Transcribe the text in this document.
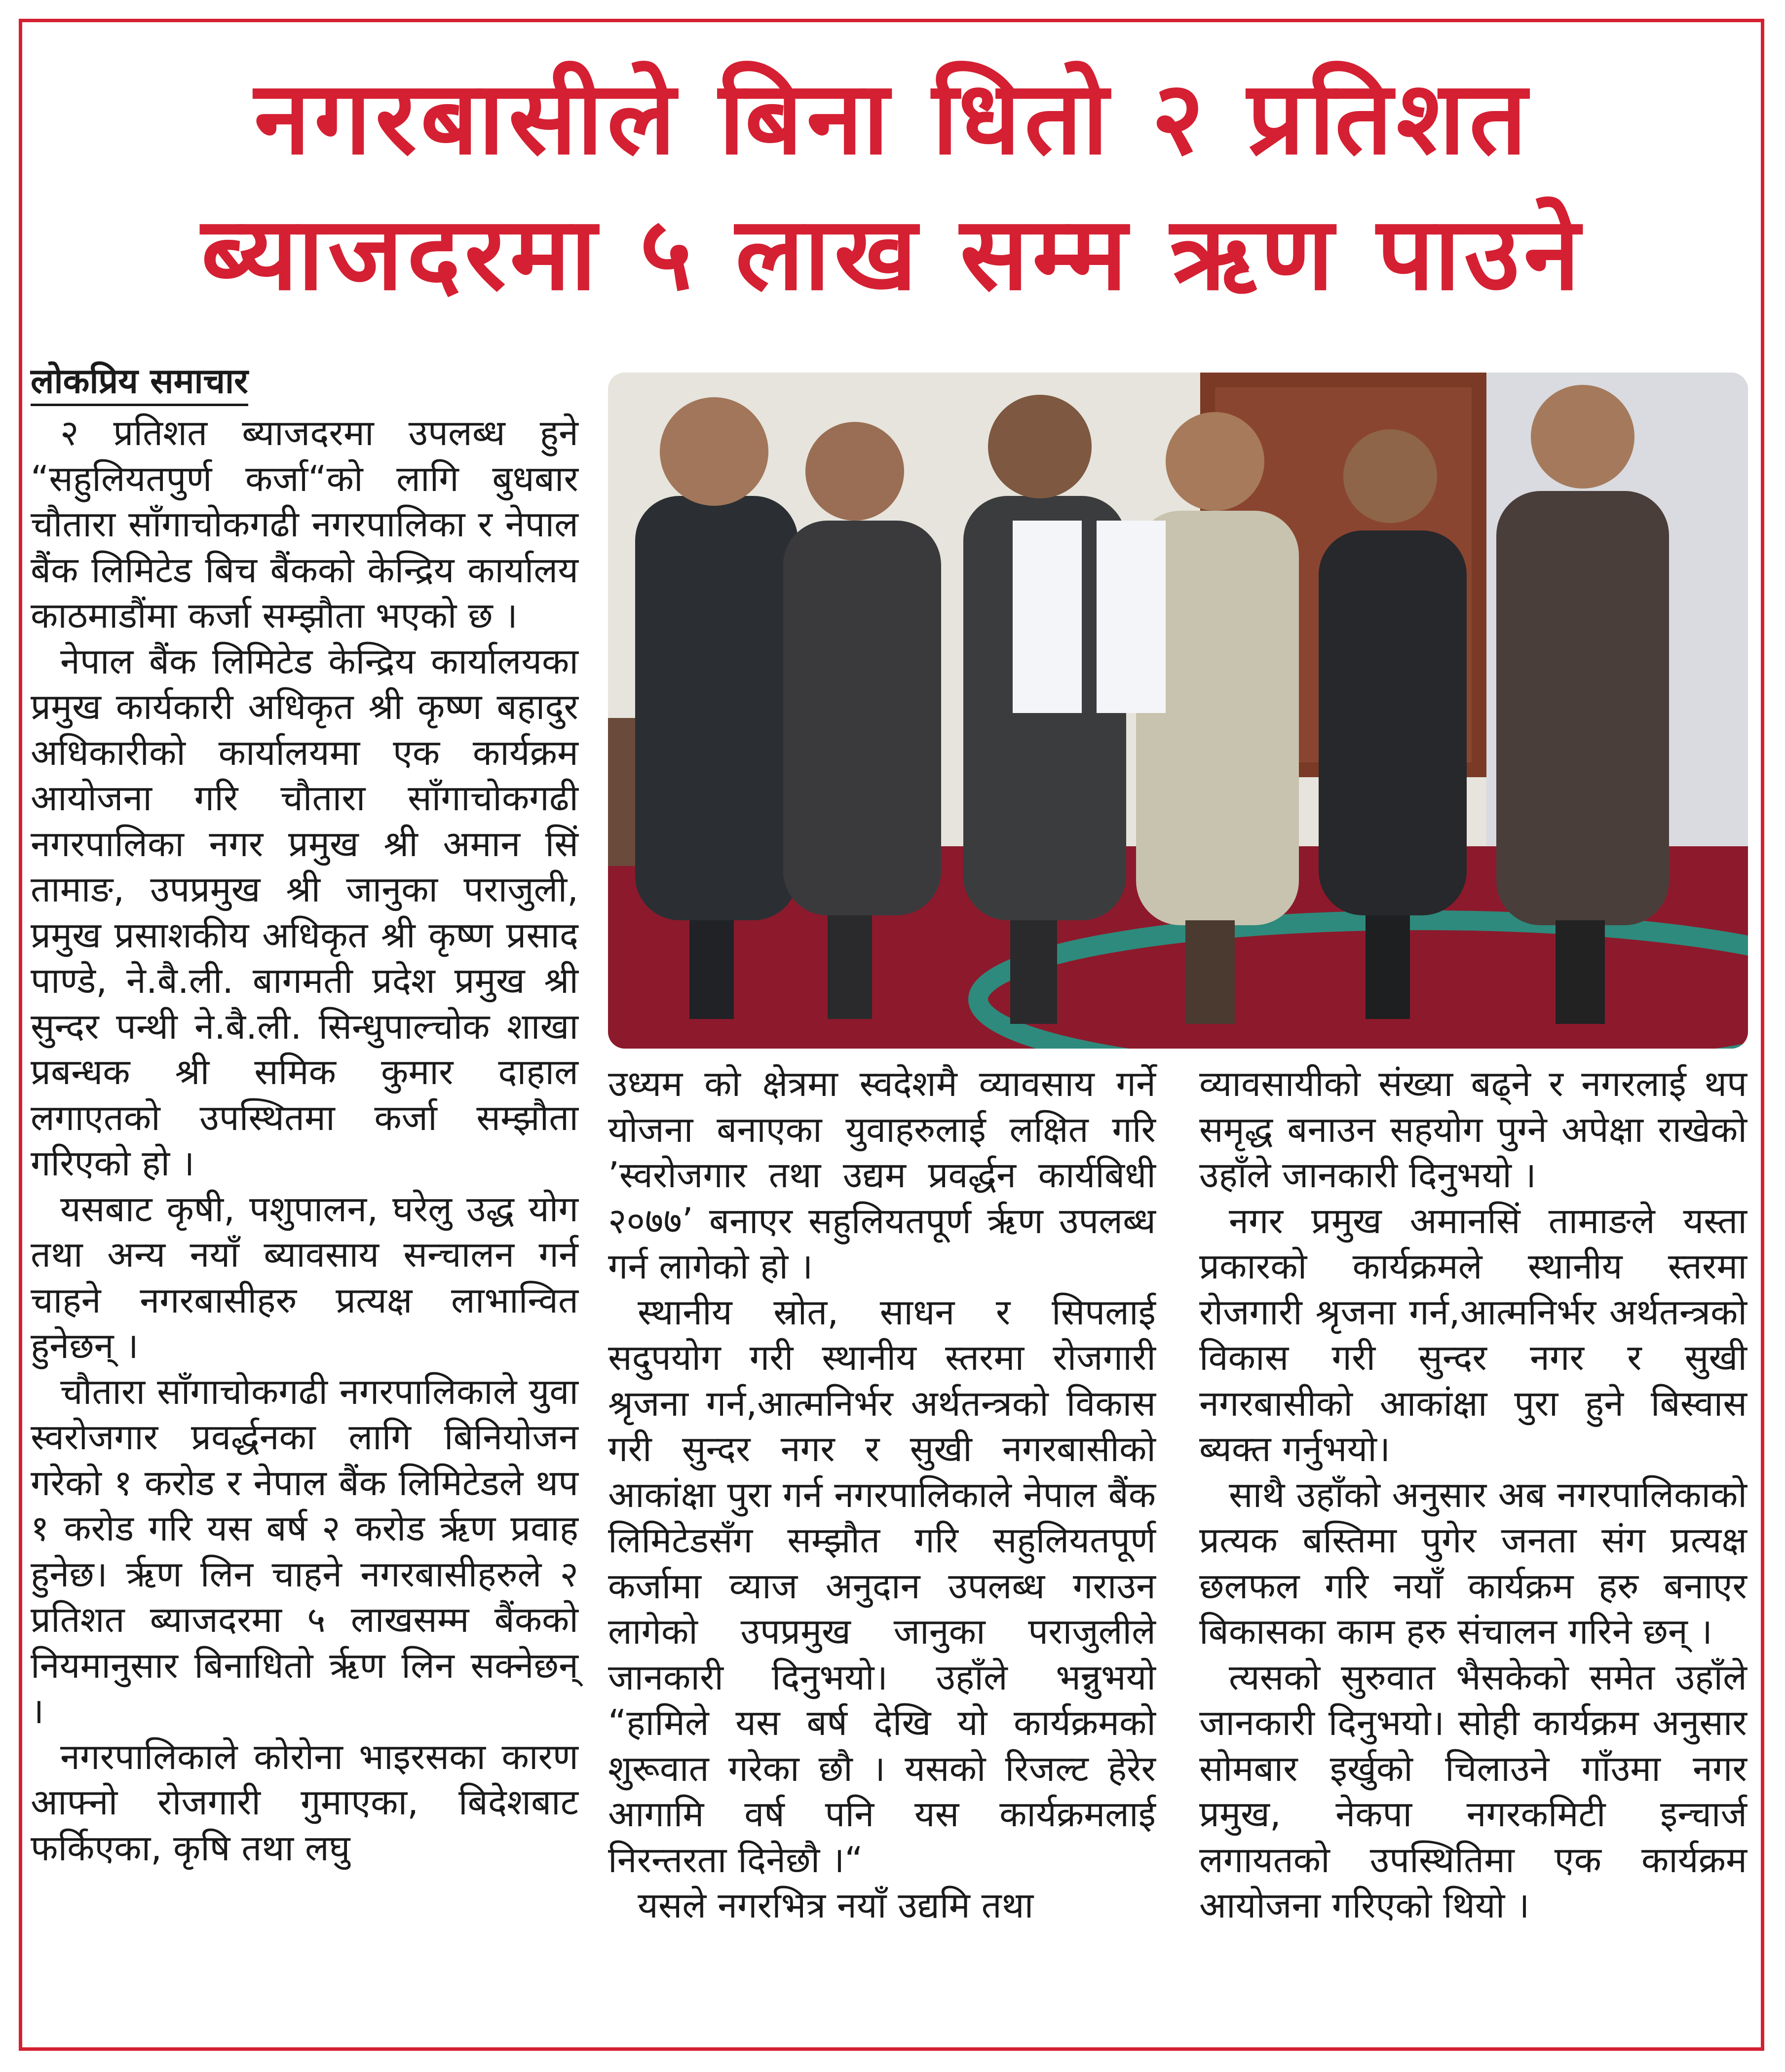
नगरबासीले बिना धितो २ प्रतिशत
ब्याजदरमा ५ लाख सम्म ऋण पाउने
लोकप्रिय समाचार

२ प्रतिशत ब्याजदरमा उपलब्ध हुने “सहुलियतपुर्ण कर्जा“को लागि बुधबार चौतारा साँगाचोकगढी नगरपालिका र नेपाल बैंक लिमिटेड बिच बैंकको केन्द्रिय कार्यालय काठमाडौंमा कर्जा सम्झौता भएको छ ।

नेपाल बैंक लिमिटेड केन्द्रिय कार्यालयका प्रमुख कार्यकारी अधिकृत श्री कृष्ण बहादुर अधिकारीको कार्यालयमा एक कार्यक्रम आयोजना गरि चौतारा साँगाचोकगढी नगरपालिका नगर प्रमुख श्री अमान सिं तामाङ, उपप्रमुख श्री जानुका पराजुली, प्रमुख प्रसाशकीय अधिकृत श्री कृष्ण प्रसाद पाण्डे, ने.बै.ली. बागमती प्रदेश प्रमुख श्री सुन्दर पन्थी ने.बै.ली. सिन्धुपाल्चोक शाखा प्रबन्धक श्री समिक कुमार दाहाल लगाएतको उपस्थितमा कर्जा सम्झौता गरिएको हो ।

यसबाट कृषी, पशुपालन, घरेलु उद्ध योग तथा अन्य नयाँ ब्यावसाय सन्चालन गर्न चाहने नगरबासीहरु प्रत्यक्ष लाभान्वित हुनेछन् ।

चौतारा साँगाचोकगढी नगरपालिकाले युवा स्वरोजगार प्रवर्द्धनका लागि बिनियोजन गरेको १ करोड र नेपाल बैंक लिमिटेडले थप १ करोड गरि यस बर्ष २ करोड ऋृण प्रवाह हुनेछ। ऋृण लिन चाहने नगरबासीहरुले २ प्रतिशत ब्याजदरमा ५ लाखसम्म बैंकको नियमानुसार बिनाधितो ऋृण लिन सक्नेछन् ।

नगरपालिकाले कोरोना भाइरसका कारण आफ्नो रोजगारी गुमाएका, बिदेशबाट फर्किएका, कृषि तथा लघु

उध्यम को क्षेत्रमा स्वदेशमै व्यावसाय गर्ने योजना बनाएका युवाहरुलाई लक्षित गरि ’स्वरोजगार तथा उद्यम प्रवर्द्धन कार्यबिधी २०७७’ बनाएर सहुलियतपूर्ण ऋृण उपलब्ध गर्न लागेको हो ।

स्थानीय स्रोत, साधन र सिपलाई सदुपयोग गरी स्थानीय स्तरमा रोजगारी श्रृजना गर्न,आत्मनिर्भर अर्थतन्त्रको विकास गरी सुन्दर नगर र सुखी नगरबासीको आकांक्षा पुरा गर्न नगरपालिकाले नेपाल बैंक लिमिटेडसँग सम्झौत गरि सहुलियतपूर्ण कर्जामा व्याज अनुदान उपलब्ध गराउन लागेको उपप्रमुख जानुका पराजुलीले जानकारी दिनुभयो। उहाँले भन्नुभयो “हामिले यस बर्ष देखि यो कार्यक्रमको शुरूवात गरेका छौ । यसको रिजल्ट हेरेर आगामि वर्ष पनि यस कार्यक्रमलाई निरन्तरता दिनेछौ ।“

यसले नगरभित्र नयाँ उद्यमि तथा

व्यावसायीको संख्या बढ्ने र नगरलाई थप समृद्ध बनाउन सहयोग पुग्ने अपेक्षा राखेको उहाँले जानकारी दिनुभयो ।

नगर प्रमुख अमानसिं तामाङले यस्ता प्रकारको कार्यक्रमले स्थानीय स्तरमा रोजगारी श्रृजना गर्न,आत्मनिर्भर अर्थतन्त्रको विकास गरी सुन्दर नगर र सुखी नगरबासीको आकांक्षा पुरा हुने बिस्वास ब्यक्त गर्नुभयो।

साथै उहाँको अनुसार अब नगरपालिकाको प्रत्यक बस्तिमा पुगेर जनता संग प्रत्यक्ष छलफल गरि नयाँ कार्यक्रम हरु बनाएर बिकासका काम हरु संचालन गरिने छन् ।

त्यसको सुरुवात भैसकेको समेत उहाँले जानकारी दिनुभयो। सोही कार्यक्रम अनुसार सोमबार इर्खुको चिलाउने गाँउमा नगर प्रमुख, नेकपा नगरकमिटी इन्चार्ज लगायतको उपस्थितिमा एक कार्यक्रम आयोजना गरिएको थियो ।
